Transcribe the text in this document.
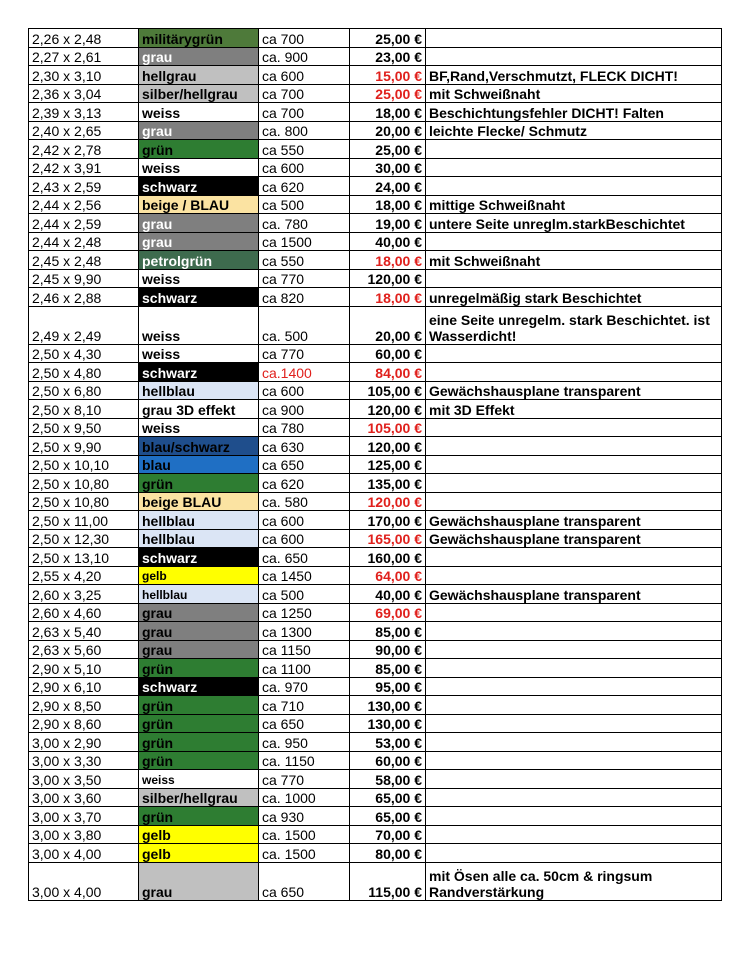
2,26 x 2,48	militärygrün	ca 700	25,00 €	
2,27 x 2,61	grau	ca. 900	23,00 €	
2,30 x 3,10	hellgrau	ca 600	15,00 €	BF,Rand,Verschmutzt, FLECK DICHT!
2,36 x 3,04	silber/hellgrau	ca 700	25,00 €	mit Schweißnaht
2,39 x 3,13	weiss	ca 700	18,00 €	Beschichtungsfehler DICHT! Falten
2,40 x 2,65	grau	ca. 800	20,00 €	leichte Flecke/ Schmutz
2,42 x 2,78	grün	ca 550	25,00 €	
2,42 x 3,91	weiss	ca 600	30,00 €	
2,43 x 2,59	schwarz	ca 620	24,00 €	
2,44 x 2,56	beige / BLAU	ca 500	18,00 €	mittige Schweißnaht
2,44 x 2,59	grau	ca. 780	19,00 €	untere Seite unreglm.starkBeschichtet
2,44 x 2,48	grau	ca 1500	40,00 €	
2,45 x 2,48	petrolgrün	ca 550	18,00 €	mit Schweißnaht
2,45 x 9,90	weiss	ca 770	120,00 €	
2,46 x 2,88	schwarz	ca 820	18,00 €	unregelmäßig stark Beschichtet
2,49 x 2,49	weiss	ca. 500	20,00 €	eine Seite unregelm. stark Beschichtet. ist Wasserdicht!
2,50 x 4,30	weiss	ca 770	60,00 €	
2,50 x 4,80	schwarz	ca.1400	84,00 €	
2,50 x 6,80	hellblau	ca 600	105,00 €	Gewächshausplane transparent
2,50 x 8,10	grau 3D effekt	ca 900	120,00 €	mit 3D Effekt
2,50 x 9,50	weiss	ca 780	105,00 €	
2,50 x 9,90	blau/schwarz	ca 630	120,00 €	
2,50 x 10,10	blau	ca 650	125,00 €	
2,50 x 10,80	grün	ca 620	135,00 €	
2,50 x 10,80	beige BLAU	ca. 580	120,00 €	
2,50 x 11,00	hellblau	ca 600	170,00 €	Gewächshausplane transparent
2,50 x 12,30	hellblau	ca 600	165,00 €	Gewächshausplane transparent
2,50 x 13,10	schwarz	ca. 650	160,00 €	
2,55 x 4,20	gelb	ca 1450	64,00 €	
2,60 x 3,25	hellblau	ca 500	40,00 €	Gewächshausplane transparent
2,60 x 4,60	grau	ca 1250	69,00 €	
2,63 x 5,40	grau	ca 1300	85,00 €	
2,63 x 5,60	grau	ca 1150	90,00 €	
2,90 x 5,10	grün	ca 1100	85,00 €	
2,90 x 6,10	schwarz	ca. 970	95,00 €	
2,90 x 8,50	grün	ca 710	130,00 €	
2,90 x 8,60	grün	ca 650	130,00 €	
3,00 x 2,90	grün	ca. 950	53,00 €	
3,00 x 3,30	grün	ca. 1150	60,00 €	
3,00 x 3,50	weiss	ca 770	58,00 €	
3,00 x 3,60	silber/hellgrau	ca. 1000	65,00 €	
3,00 x 3,70	grün	ca 930	65,00 €	
3,00 x 3,80	gelb	ca. 1500	70,00 €	
3,00 x 4,00	gelb	ca. 1500	80,00 €	
3,00 x 4,00	grau	ca 650	115,00 €	mit Ösen alle ca. 50cm & ringsum Randverstärkung
